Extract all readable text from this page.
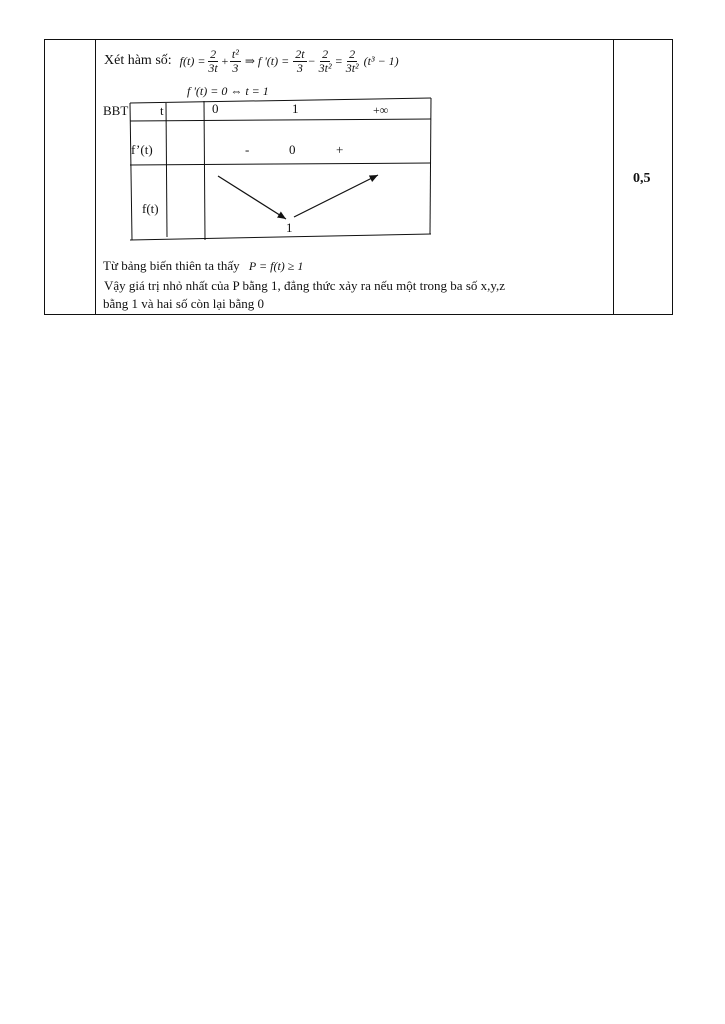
Xét hàm số: $f(t) = \frac{2}{3t} + \frac{\text{t²}}{3}$ ⇒ f '$(t) = \frac{2t}{3} - \frac{2}{\text{3t²}} = \frac{2}{\text{3t²}} (t^3 - 1)$
f '(t) = 0 ⇔ t = 1
BBT t	0	1	+∞
f’(t)	-	0	+
f(t)
1
Từ bảng biến thiên ta thấy P = f(t) ≥ 1
Vậy giá trị nhỏ nhất của P bằng 1, đẳng thức xảy ra nếu một trong ba số x,y,z
bằng 1 và hai số còn lại bằng 0
0,5
